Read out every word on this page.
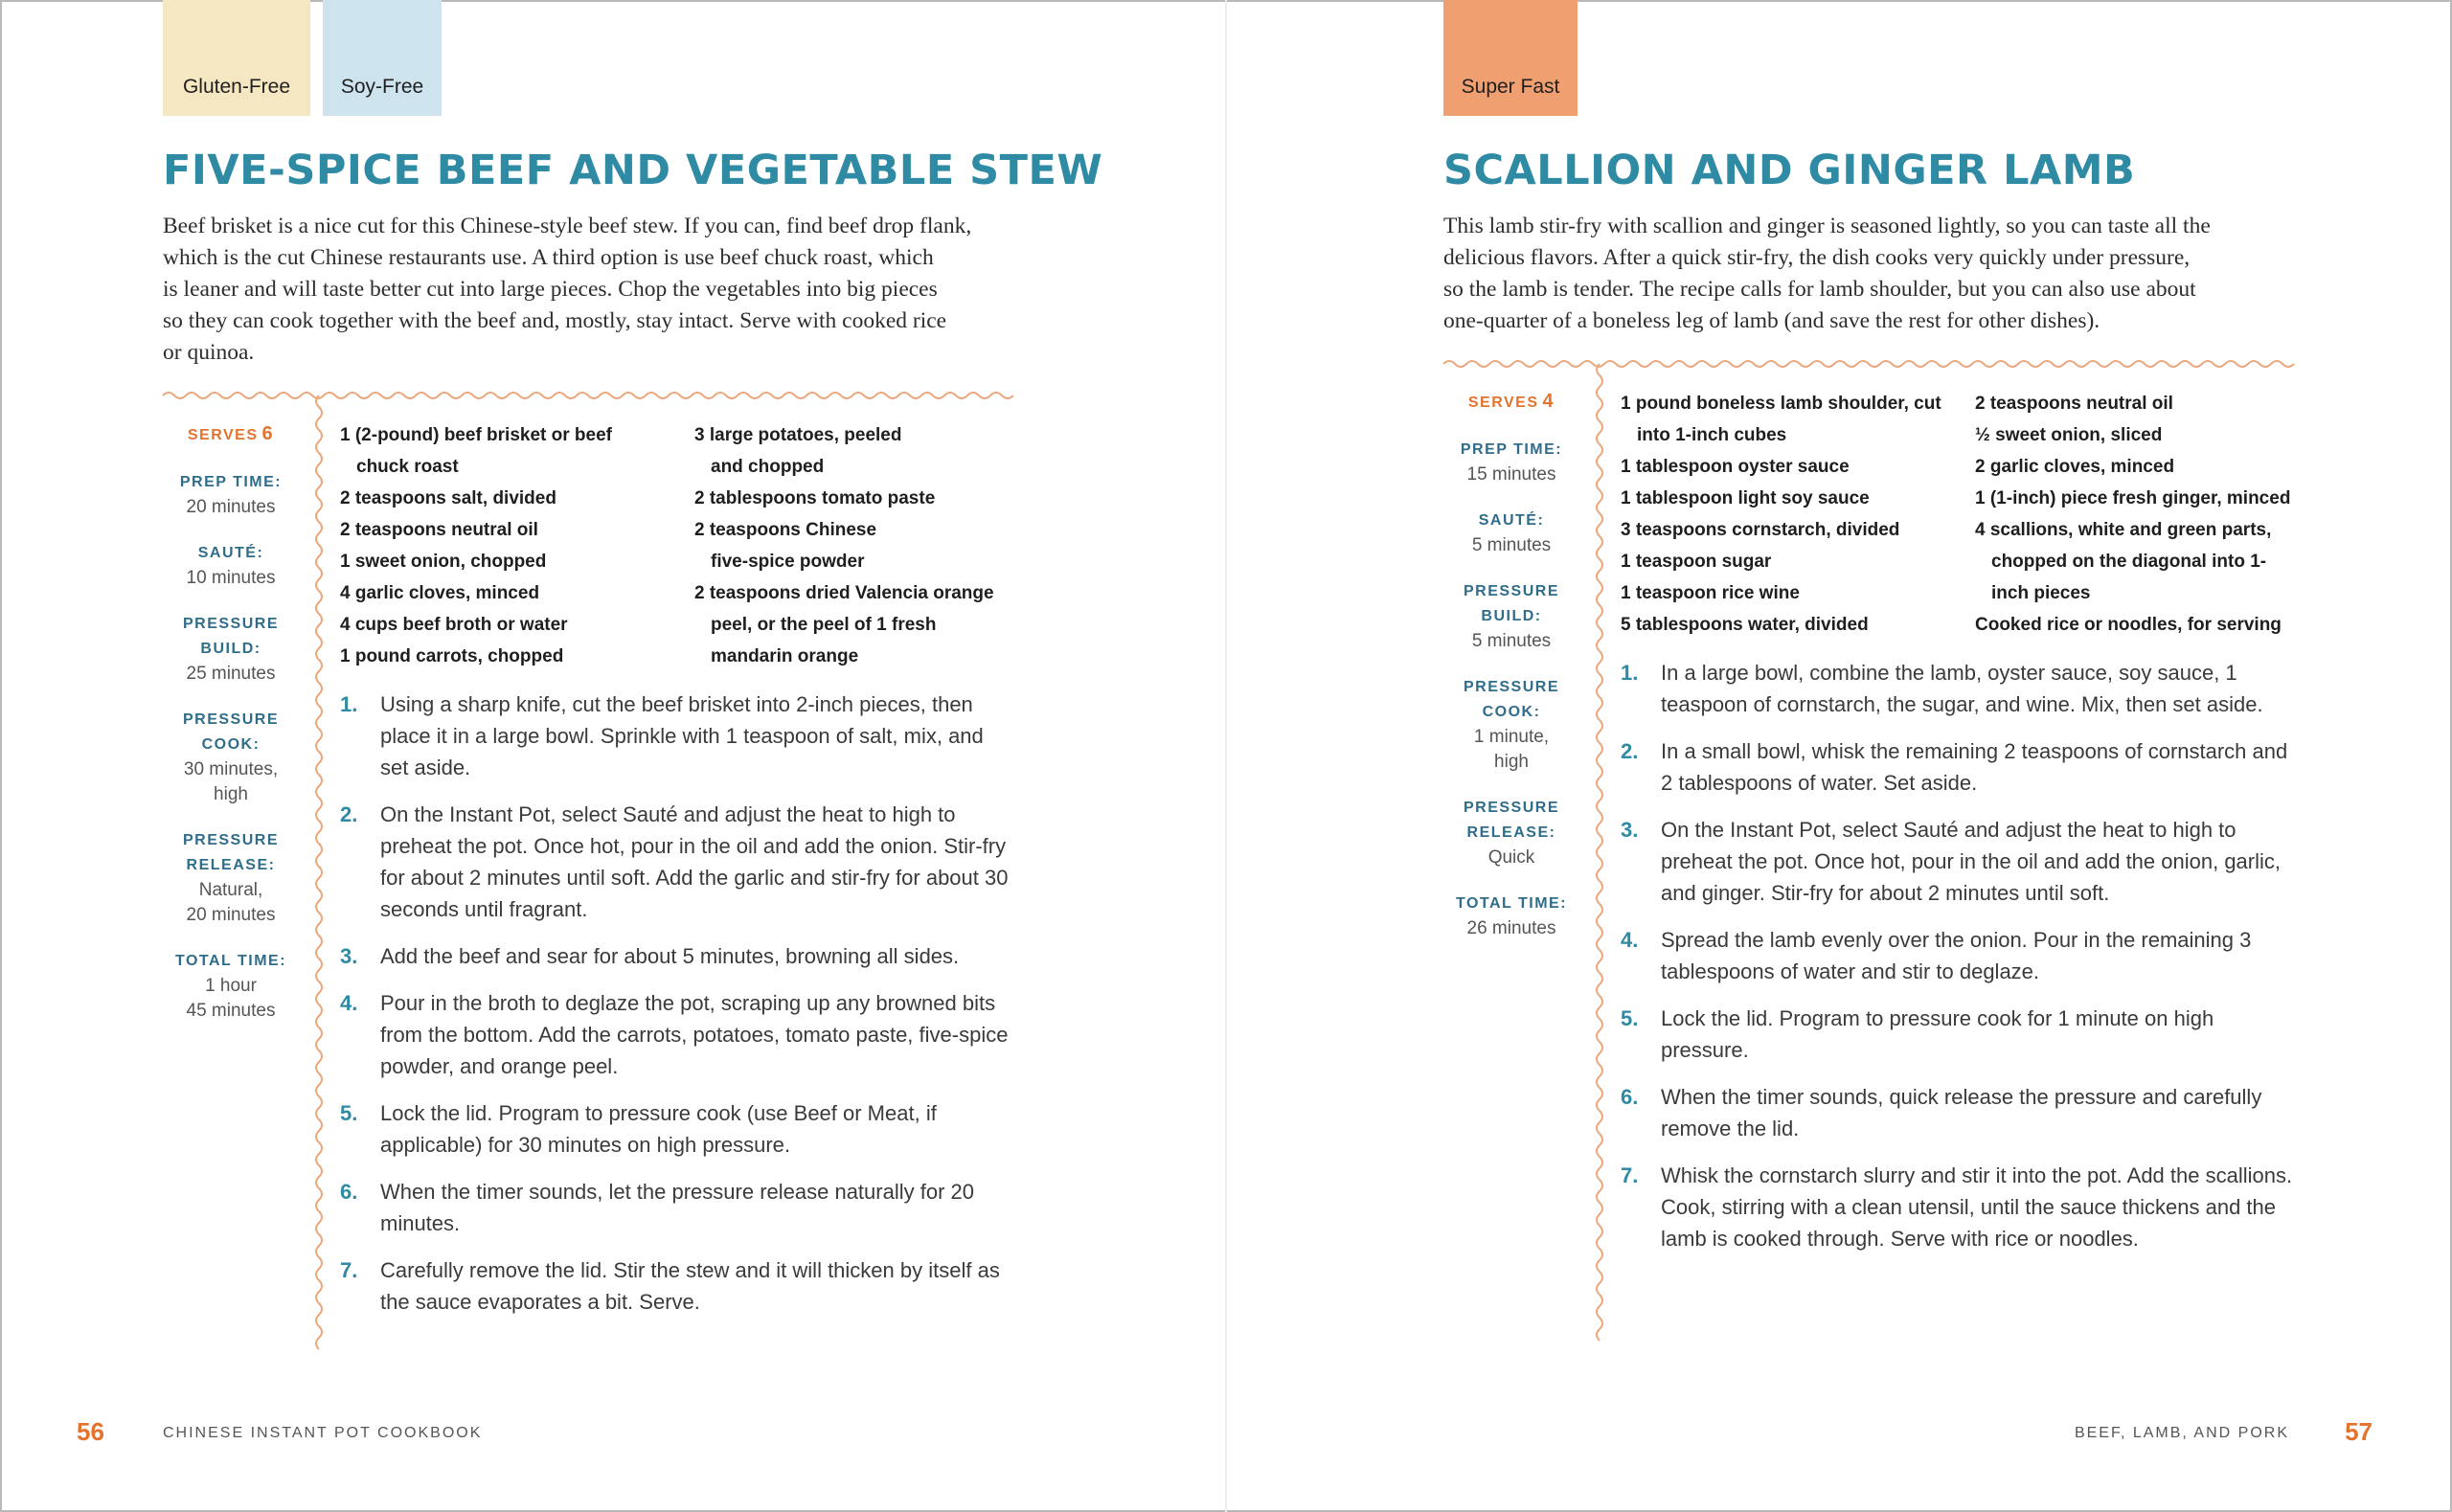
Gluten-Free	Soy-Free
FIVE-SPICE BEEF AND VEGETABLE STEW
Beef brisket is a nice cut for this Chinese-style beef stew. If you can, find beef drop flank,
which is the cut Chinese restaurants use. A third option is use beef chuck roast, which
is leaner and will taste better cut into large pieces. Chop the vegetables into big pieces
so they can cook together with the beef and, mostly, stay intact. Serve with cooked rice
or quinoa.
SERVES 6
PREP TIME:
20 minutes
SAUTÉ:
10 minutes
PRESSURE
BUILD:
25 minutes
PRESSURE
COOK:
30 minutes,
high
PRESSURE
RELEASE:
Natural,
20 minutes
TOTAL TIME:
1 hour
45 minutes
1 (2-pound) beef brisket or beef chuck roast
2 teaspoons salt, divided
2 teaspoons neutral oil
1 sweet onion, chopped
4 garlic cloves, minced
4 cups beef broth or water
1 pound carrots, chopped
3 large potatoes, peeled and chopped
2 tablespoons tomato paste
2 teaspoons Chinese five-spice powder
2 teaspoons dried Valencia orange peel, or the peel of 1 fresh mandarin orange
1.	Using a sharp knife, cut the beef brisket into 2-inch pieces, then place it in a large bowl. Sprinkle with 1 teaspoon of salt, mix, and set aside.
2.	On the Instant Pot, select Sauté and adjust the heat to high to preheat the pot. Once hot, pour in the oil and add the onion. Stir-fry for about 2 minutes until soft. Add the garlic and stir-fry for about 30 seconds until fragrant.
3.	Add the beef and sear for about 5 minutes, browning all sides.
4.	Pour in the broth to deglaze the pot, scraping up any browned bits from the bottom. Add the carrots, potatoes, tomato paste, five-spice powder, and orange peel.
5.	Lock the lid. Program to pressure cook (use Beef or Meat, if applicable) for 30 minutes on high pressure.
6.	When the timer sounds, let the pressure release naturally for 20 minutes.
7.	Carefully remove the lid. Stir the stew and it will thicken by itself as the sauce evaporates a bit. Serve.
56	CHINESE INSTANT POT COOKBOOK
Super Fast
SCALLION AND GINGER LAMB
This lamb stir-fry with scallion and ginger is seasoned lightly, so you can taste all the
delicious flavors. After a quick stir-fry, the dish cooks very quickly under pressure,
so the lamb is tender. The recipe calls for lamb shoulder, but you can also use about
one-quarter of a boneless leg of lamb (and save the rest for other dishes).
SERVES 4
PREP TIME:
15 minutes
SAUTÉ:
5 minutes
PRESSURE
BUILD:
5 minutes
PRESSURE
COOK:
1 minute,
high
PRESSURE
RELEASE:
Quick
TOTAL TIME:
26 minutes
1 pound boneless lamb shoulder, cut into 1-inch cubes
1 tablespoon oyster sauce
1 tablespoon light soy sauce
3 teaspoons cornstarch, divided
1 teaspoon sugar
1 teaspoon rice wine
5 tablespoons water, divided
2 teaspoons neutral oil
½ sweet onion, sliced
2 garlic cloves, minced
1 (1-inch) piece fresh ginger, minced
4 scallions, white and green parts, chopped on the diagonal into 1-inch pieces
Cooked rice or noodles, for serving
1.	In a large bowl, combine the lamb, oyster sauce, soy sauce, 1 teaspoon of cornstarch, the sugar, and wine. Mix, then set aside.
2.	In a small bowl, whisk the remaining 2 teaspoons of cornstarch and 2 tablespoons of water. Set aside.
3.	On the Instant Pot, select Sauté and adjust the heat to high to preheat the pot. Once hot, pour in the oil and add the onion, garlic, and ginger. Stir-fry for about 2 minutes until soft.
4.	Spread the lamb evenly over the onion. Pour in the remaining 3 tablespoons of water and stir to deglaze.
5.	Lock the lid. Program to pressure cook for 1 minute on high pressure.
6.	When the timer sounds, quick release the pressure and carefully remove the lid.
7.	Whisk the cornstarch slurry and stir it into the pot. Add the scallions. Cook, stirring with a clean utensil, until the sauce thickens and the lamb is cooked through. Serve with rice or noodles.
BEEF, LAMB, AND PORK 57
